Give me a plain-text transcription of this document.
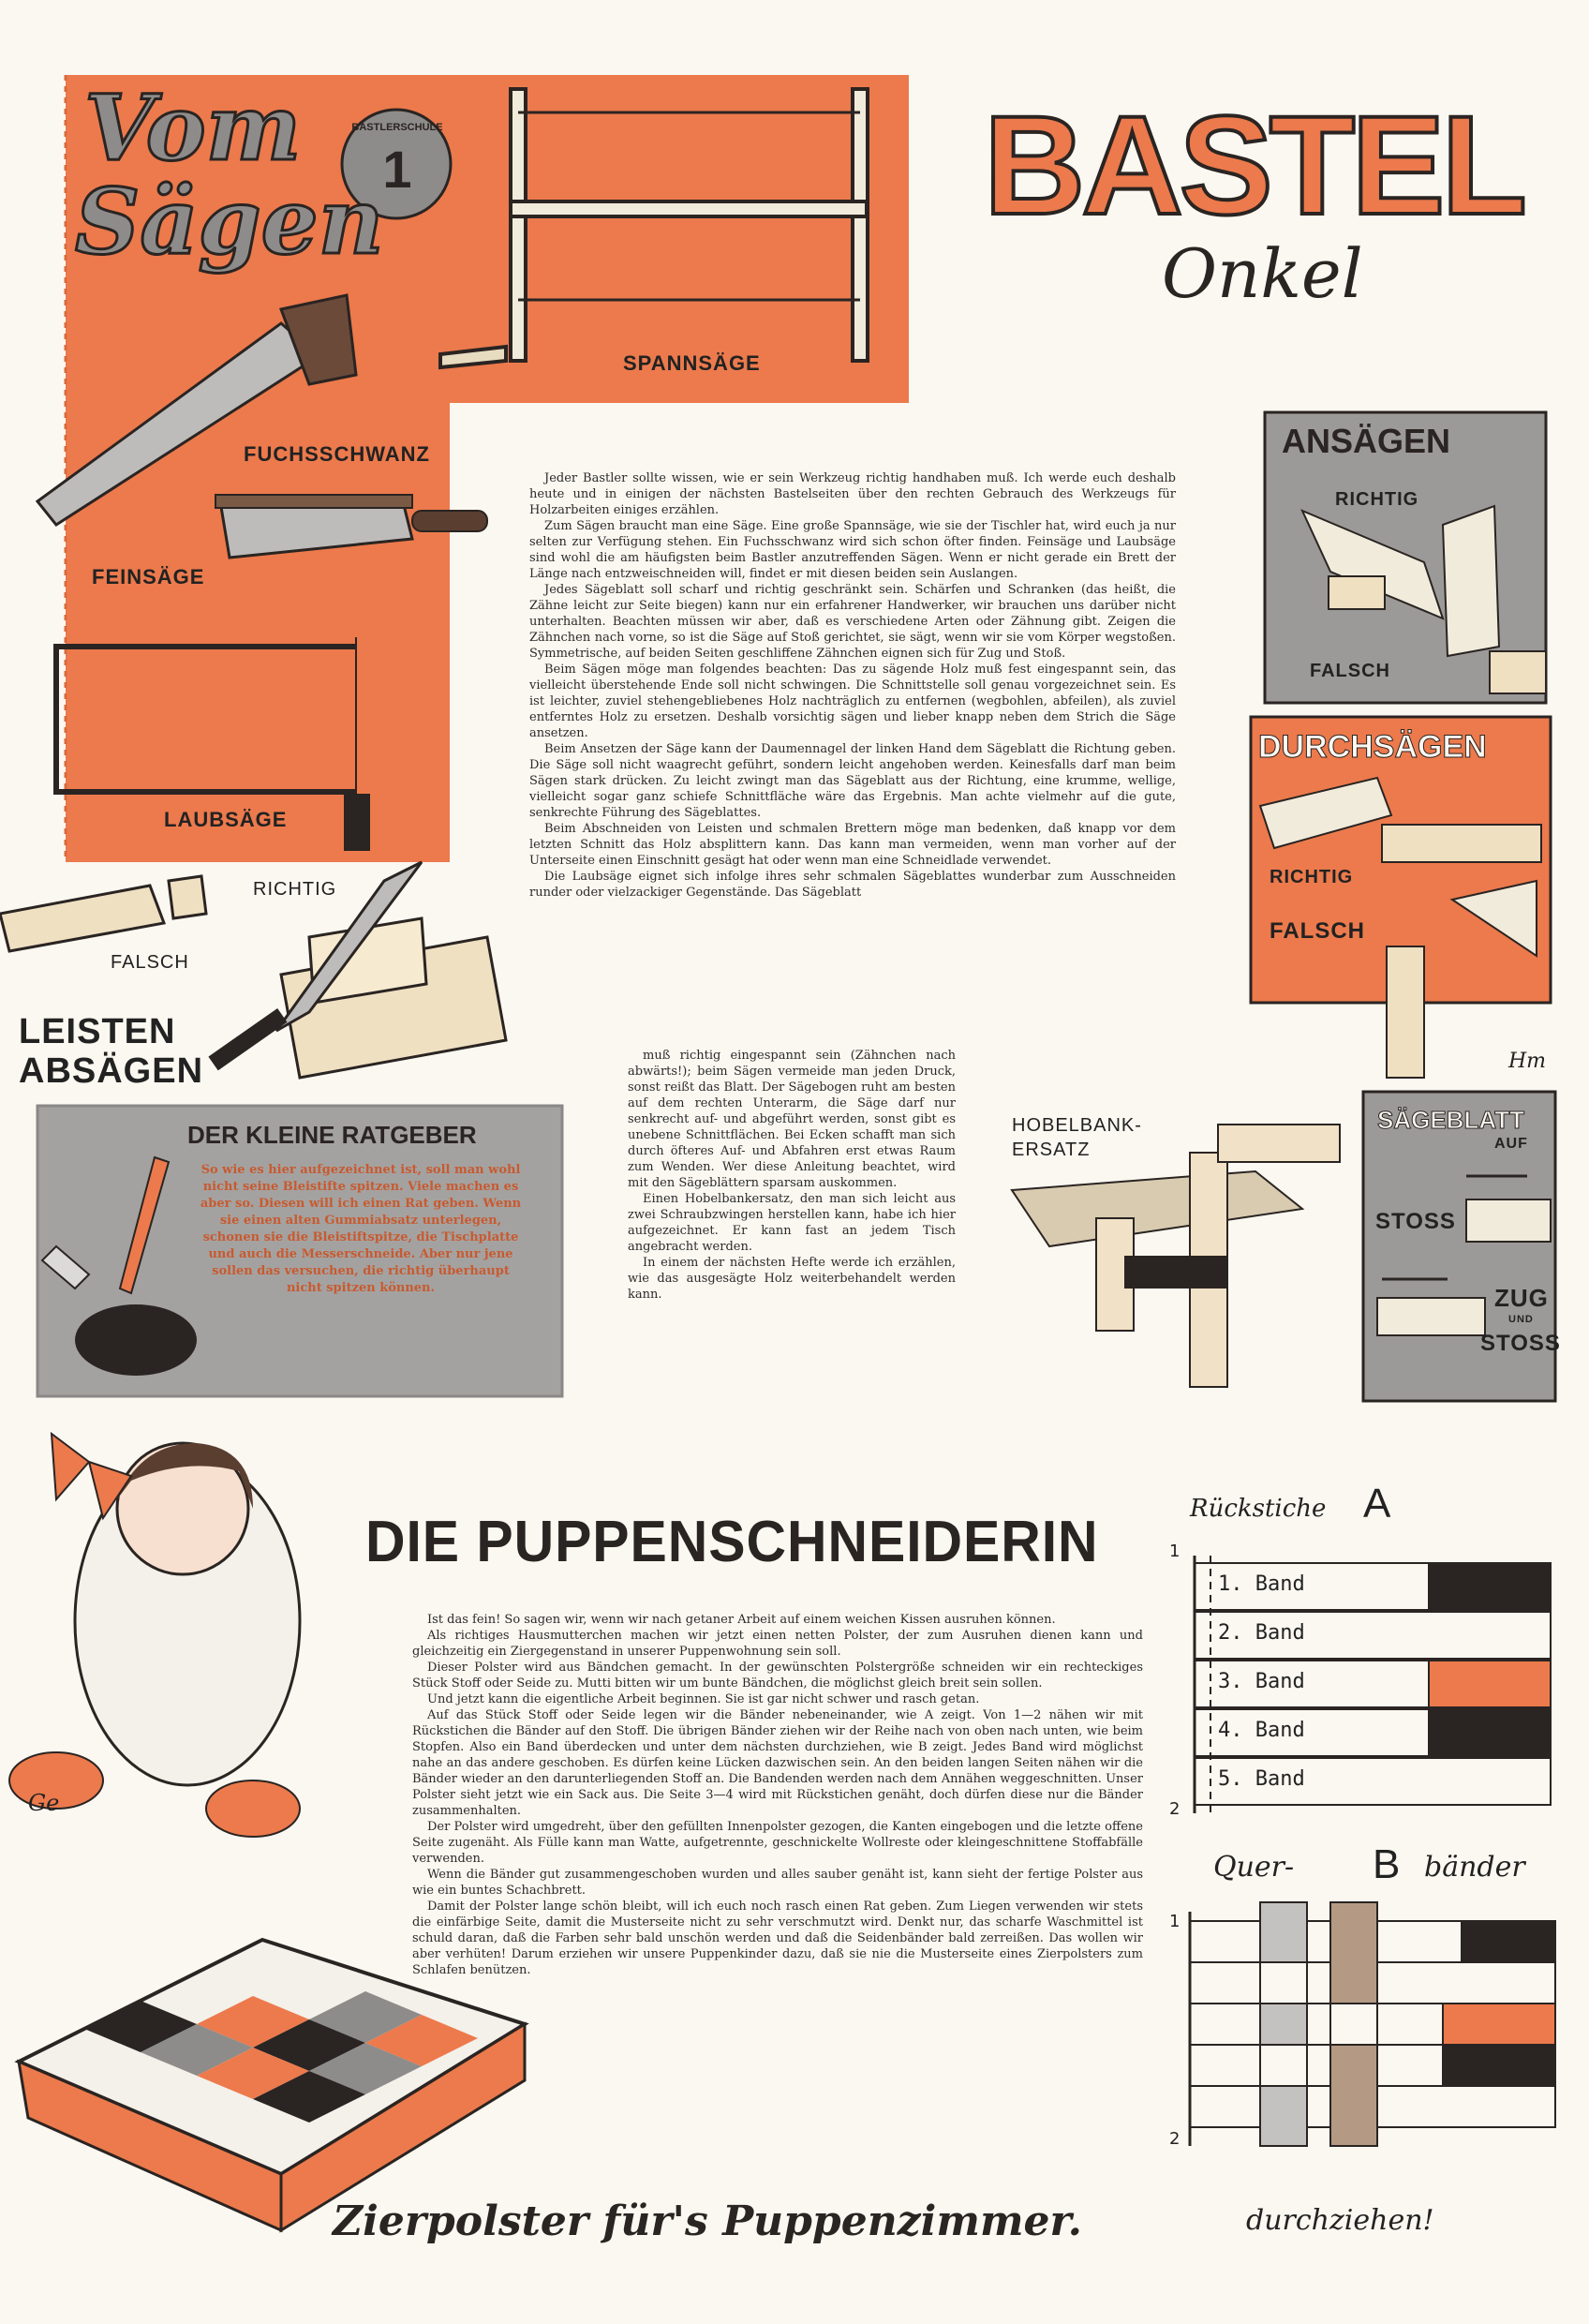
Vom
Sägen
BASTLERSCHULE
1	BASTEL
Onkel
SPANNSÄGE
FUCHSSCHWANZ
FEINSÄGE
LAUBSÄGE
RICHTIG
FALSCH
LEISTEN
ABSÄGEN
DER KLEINE RATGEBER
So wie es hier aufgezeichnet ist, soll man wohl nicht seine Bleistifte spitzen. Viele machen es aber so. Diesen will ich einen Rat geben. Wenn sie einen alten Gummiabsatz unterlegen, schonen sie die Bleistiftspitze, die Tischplatte und auch die Messerschneide. Aber nur jene sollen das versuchen, die richtig überhaupt nicht spitzen können.

Jeder Bastler sollte wissen, wie er sein Werkzeug richtig handhaben muß. Ich werde euch deshalb heute und in einigen der nächsten Bastelseiten über den rechten Gebrauch des Werkzeugs für Holzarbeiten einiges erzählen.

Zum Sägen braucht man eine Säge. Eine große Spannsäge, wie sie der Tischler hat, wird euch ja nur selten zur Verfügung stehen. Ein Fuchsschwanz wird sich schon öfter finden. Feinsäge und Laubsäge sind wohl die am häufigsten beim Bastler anzutreffenden Sägen. Wenn er nicht gerade ein Brett der Länge nach entzweischneiden will, findet er mit diesen beiden sein Auslangen.

Jedes Sägeblatt soll scharf und richtig geschränkt sein. Schärfen und Schranken (das heißt, die Zähne leicht zur Seite biegen) kann nur ein erfahrener Handwerker, wir brauchen uns darüber nicht unterhalten. Beachten müssen wir aber, daß es verschiedene Arten oder Zähnung gibt. Zeigen die Zähnchen nach vorne, so ist die Säge auf Stoß gerichtet, sie sägt, wenn wir sie vom Körper wegstoßen. Symmetrische, auf beiden Seiten geschliffene Zähnchen eignen sich für Zug und Stoß.

Beim Sägen möge man folgendes beachten: Das zu sägende Holz muß fest eingespannt sein, das vielleicht überstehende Ende soll nicht schwingen. Die Schnittstelle soll genau vorgezeichnet sein. Es ist leichter, zuviel stehengebliebenes Holz nachträglich zu entfernen (wegbohlen, abfeilen), als zuviel entferntes Holz zu ersetzen. Deshalb vorsichtig sägen und lieber knapp neben dem Strich die Säge ansetzen.

Beim Ansetzen der Säge kann der Daumennagel der linken Hand dem Sägeblatt die Richtung geben. Die Säge soll nicht waagrecht geführt, sondern leicht angehoben werden. Keinesfalls darf man beim Sägen stark drücken. Zu leicht zwingt man das Sägeblatt aus der Richtung, eine krumme, wellige, vielleicht sogar ganz schiefe Schnittfläche wäre das Ergebnis. Man achte vielmehr auf die gute, senkrechte Führung des Sägeblattes.

Beim Abschneiden von Leisten und schmalen Brettern möge man bedenken, daß knapp vor dem letzten Schnitt das Holz absplittern kann. Das kann man vermeiden, wenn man vorher auf der Unterseite einen Einschnitt gesägt hat oder wenn man eine Schneidlade verwendet.

Die Laubsäge eignet sich infolge ihres sehr schmalen Sägeblattes wunderbar zum Ausschneiden runder oder vielzackiger Gegenstände. Das Sägeblatt

muß richtig eingespannt sein (Zähnchen nach abwärts!); beim Sägen vermeide man jeden Druck, sonst reißt das Blatt. Der Sägebogen ruht am besten auf dem rechten Unterarm, die Säge darf nur senkrecht auf- und abgeführt werden, sonst gibt es unebene Schnittflächen. Bei Ecken schafft man sich durch öfteres Auf- und Abfahren erst etwas Raum zum Wenden. Wer diese Anleitung beachtet, wird mit den Sägeblättern sparsam auskommen.

Einen Hobelbankersatz, den man sich leicht aus zwei Schraubzwingen herstellen kann, habe ich hier aufgezeichnet. Er kann fast an jedem Tisch angebracht werden.

In einem der nächsten Hefte werde ich erzählen, wie das ausgesägte Holz weiterbehandelt werden kann.

ANSÄGEN
RICHTIG
FALSCH
DURCHSÄGEN
RICHTIG
FALSCH
Hm
HOBELBANK-
ERSATZ
SÄGEBLATT
AUF
STOSS
ZUG
UND
STOSS
DIE PUPPENSCHNEIDERIN

Ist das fein! So sagen wir, wenn wir nach getaner Arbeit auf einem weichen Kissen ausruhen können.

Als richtiges Hausmutterchen machen wir jetzt einen netten Polster, der zum Ausruhen dienen kann und gleichzeitig ein Ziergegenstand in unserer Puppenwohnung sein soll.

Dieser Polster wird aus Bändchen gemacht. In der gewünschten Polstergröße schneiden wir ein rechteckiges Stück Stoff oder Seide zu. Mutti bitten wir um bunte Bändchen, die möglichst gleich breit sein sollen.

Und jetzt kann die eigentliche Arbeit beginnen. Sie ist gar nicht schwer und rasch getan.

Auf das Stück Stoff oder Seide legen wir die Bänder nebeneinander, wie A zeigt. Von 1—2 nähen wir mit Rückstichen die Bänder auf den Stoff. Die übrigen Bänder ziehen wir der Reihe nach von oben nach unten, wie beim Stopfen. Also ein Band überdecken und unter dem nächsten durchziehen, wie B zeigt. Jedes Band wird möglichst nahe an das andere geschoben. Es dürfen keine Lücken dazwischen sein. An den beiden langen Seiten nähen wir die Bänder wieder an den darunterliegenden Stoff an. Die Bandenden werden nach dem Annähen weggeschnitten. Unser Polster sieht jetzt wie ein Sack aus. Die Seite 3—4 wird mit Rückstichen genäht, doch dürfen diese nur die Bänder zusammenhalten.

Der Polster wird umgedreht, über den gefüllten Innenpolster gezogen, die Kanten eingebogen und die letzte offene Seite zugenäht. Als Fülle kann man Watte, aufgetrennte, geschnickelte Wollreste oder kleingeschnittene Stoffabfälle verwenden.

Wenn die Bänder gut zusammengeschoben wurden und alles sauber genäht ist, kann sieht der fertige Polster aus wie ein buntes Schachbrett.

Damit der Polster lange schön bleibt, will ich euch noch rasch einen Rat geben. Zum Liegen verwenden wir stets die einfärbige Seite, damit die Musterseite nicht zu sehr verschmutzt wird. Denkt nur, das scharfe Waschmittel ist schuld daran, daß die Farben sehr bald unschön werden und daß die Seidenbänder bald zerreißen. Das wollen wir aber verhüten! Darum erziehen wir unsere Puppenkinder dazu, daß sie nie die Musterseite eines Zierpolsters zum Schlafen benützen.

Ge
Rückstiche A
1
2
1. Band
2. Band
3. Band
4. Band
5. Band
Quer- B bänder
1
2
durchziehen!
Zierpolster für's Puppenzimmer.
